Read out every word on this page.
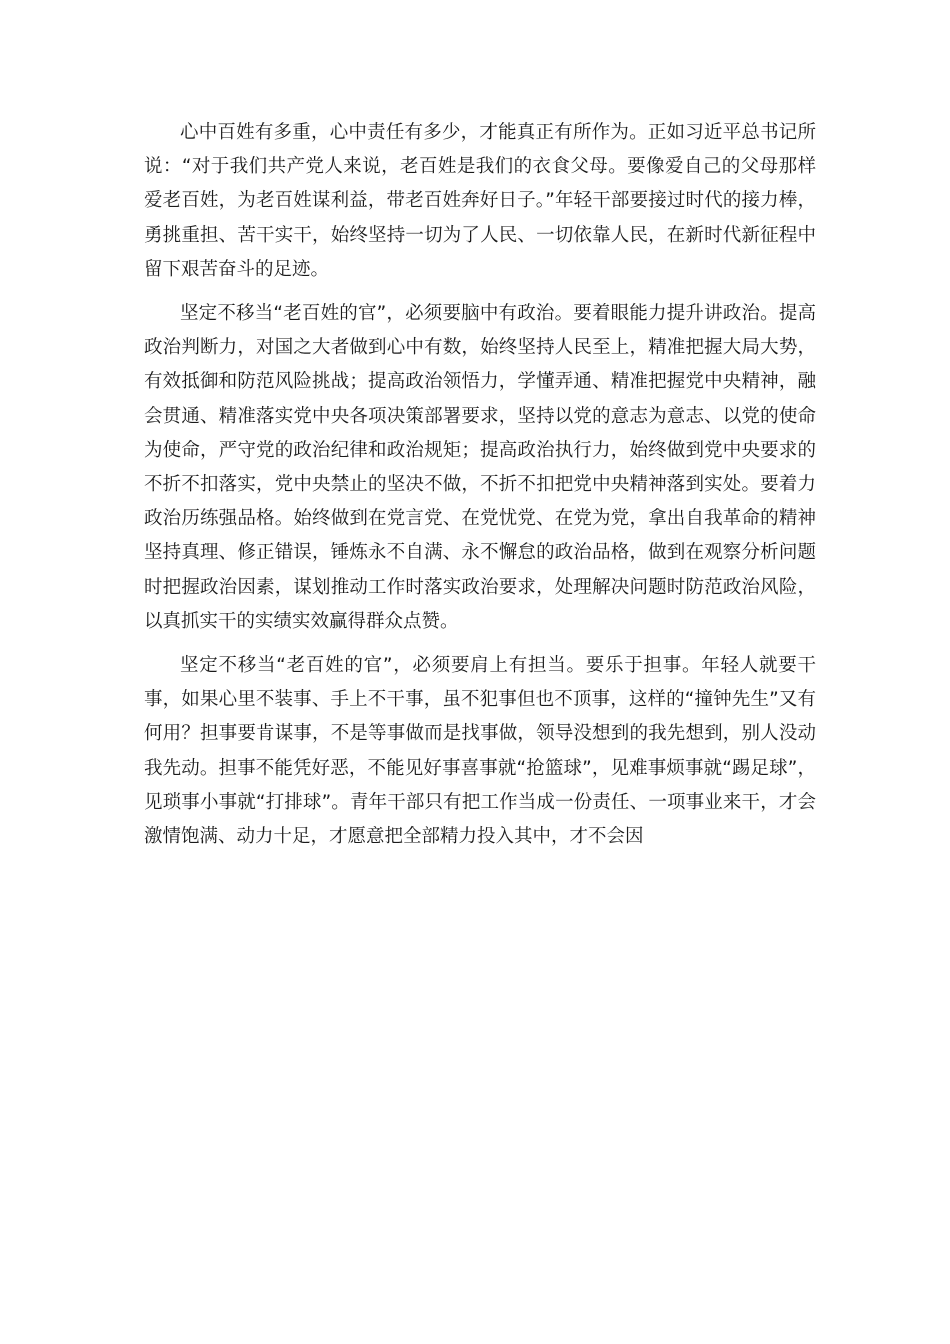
心中百姓有多重，心中责任有多少，才能真正有所作为。正如习近平总书记所说：“对于我们共产党人来说，老百姓是我们的衣食父母。要像爱自己的父母那样爱老百姓，为老百姓谋利益，带老百姓奔好日子。”年轻干部要接过时代的接力棒，勇挑重担、苦干实干，始终坚持一切为了人民、一切依靠人民，在新时代新征程中留下艰苦奋斗的足迹。

坚定不移当“老百姓的官”，必须要脑中有政治。要着眼能力提升讲政治。提高政治判断力，对国之大者做到心中有数，始终坚持人民至上，精准把握大局大势，有效抵御和防范风险挑战；提高政治领悟力，学懂弄通、精准把握党中央精神，融会贯通、精准落实党中央各项决策部署要求，坚持以党的意志为意志、以党的使命为使命，严守党的政治纪律和政治规矩；提高政治执行力，始终做到党中央要求的不折不扣落实，党中央禁止的坚决不做，不折不扣把党中央精神落到实处。要着力政治历练强品格。始终做到在党言党、在党忧党、在党为党，拿出自我革命的精神坚持真理、修正错误，锤炼永不自满、永不懈怠的政治品格，做到在观察分析问题时把握政治因素，谋划推动工作时落实政治要求，处理解决问题时防范政治风险，以真抓实干的实绩实效赢得群众点赞。

坚定不移当“老百姓的官”，必须要肩上有担当。要乐于担事。年轻人就要干事，如果心里不装事、手上不干事，虽不犯事但也不顶事，这样的“撞钟先生”又有何用？担事要肯谋事，不是等事做而是找事做，领导没想到的我先想到，别人没动我先动。担事不能凭好恶，不能见好事喜事就“抢篮球”，见难事烦事就“踢足球”，见琐事小事就“打排球”。青年干部只有把工作当成一份责任、一项事业来干，才会激情饱满、动力十足，才愿意把全部精力投入其中，才不会因
